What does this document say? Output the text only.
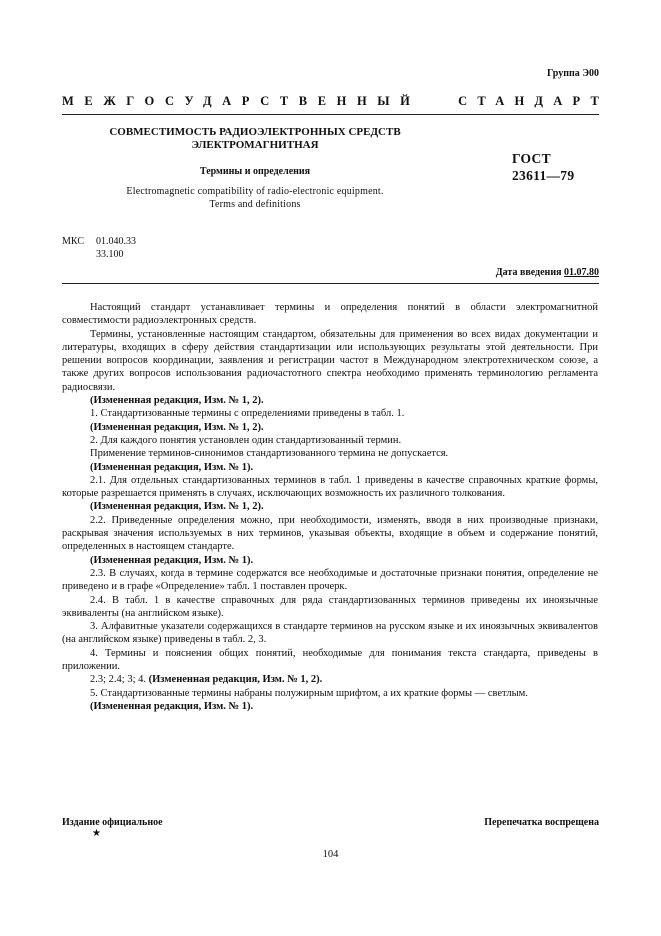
Группа Э00
МЕЖГОСУДАРСТВЕННЫЙ	СТАНДАРТ
СОВМЕСТИМОСТЬ РАДИОЭЛЕКТРОННЫХ СРЕДСТВ
ЭЛЕКТРОМАГНИТНАЯ
Термины и определения
Electromagnetic compatibility of radio-electronic equipment.
Terms and definitions
ГОСТ
23611—79
МКС 01.040.33
33.100
Дата введения 01.07.80

Настоящий стандарт устанавливает термины и определения понятий в области электромагнитной совместимости радиоэлектронных средств.

Термины, установленные настоящим стандартом, обязательны для применения во всех видах документации и литературы, входящих в сферу действия стандартизации или использующих результаты этой деятельности. При решении вопросов координации, заявления и регистрации частот в Международном электротехническом союзе, а также других вопросов использования радиочастотного спектра необходимо применять терминологию регламента радиосвязи.

(Измененная редакция, Изм. № 1, 2).

1. Стандартизованные термины с определениями приведены в табл. 1.

(Измененная редакция, Изм. № 1, 2).

2. Для каждого понятия установлен один стандартизованный термин.

Применение терминов-синонимов стандартизованного термина не допускается.

(Измененная редакция, Изм. № 1).

2.1. Для отдельных стандартизованных терминов в табл. 1 приведены в качестве справочных краткие формы, которые разрешается применять в случаях, исключающих возможность их различного толкования.

(Измененная редакция, Изм. № 1, 2).

2.2. Приведенные определения можно, при необходимости, изменять, вводя в них производные признаки, раскрывая значения используемых в них терминов, указывая объекты, входящие в объем и содержание понятий, определенных в настоящем стандарте.

(Измененная редакция, Изм. № 1).

2.3. В случаях, когда в термине содержатся все необходимые и достаточные признаки понятия, определение не приведено и в графе «Определение» табл. 1 поставлен прочерк.

2.4. В табл. 1 в качестве справочных для ряда стандартизованных терминов приведены их иноязычные эквиваленты (на английском языке).

3. Алфавитные указатели содержащихся в стандарте терминов на русском языке и их иноязычных эквивалентов (на английском языке) приведены в табл. 2, 3.

4. Термины и пояснения общих понятий, необходимые для понимания текста стандарта, приведены в приложении.

2.3; 2.4; 3; 4. (Измененная редакция, Изм. № 1, 2).

5. Стандартизованные термины набраны полужирным шрифтом, а их краткие формы — светлым.

(Измененная редакция, Изм. № 1).

Издание официальное
★
Перепечатка воспрещена
104
